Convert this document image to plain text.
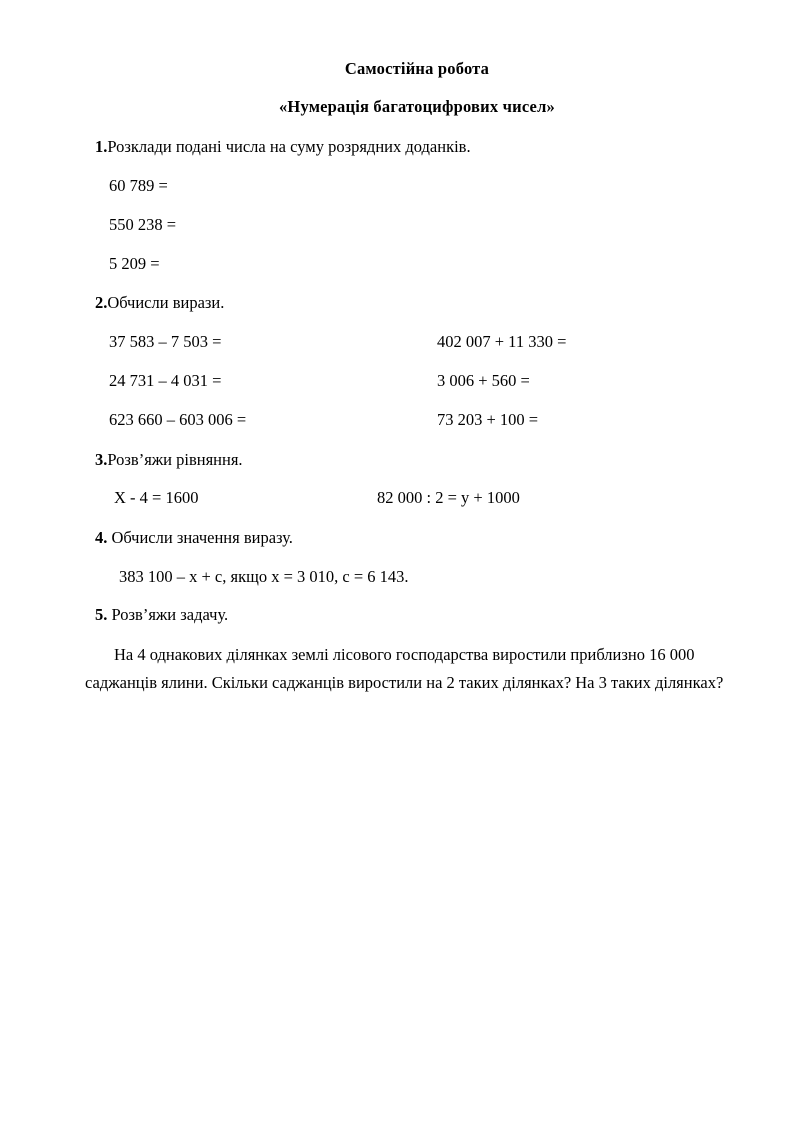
Самостійна робота
«Нумерація багатоцифрових чисел»
1.Розклади подані числа на суму розрядних доданків.
60 789 =
550 238 =
5 209 =
2.Обчисли вирази.
37 583 – 7 503 =	402 007 + 11 330 =
24 731 – 4 031 =	3 006 + 560 =
623 660 – 603 006 =	73 203 + 100 =
3.Розв’яжи рівняння.
Х - 4 = 1600	82 000 : 2 = у + 1000
4. Обчисли значення виразу.
383 100 – х + с, якщо х = 3 010, с = 6 143.
5. Розв’яжи задачу.
На 4 однакових ділянках землі лісового господарства виростили приблизно 16 000 саджанців ялини. Скільки саджанців виростили на 2 таких ділянках? На 3 таких ділянках?
